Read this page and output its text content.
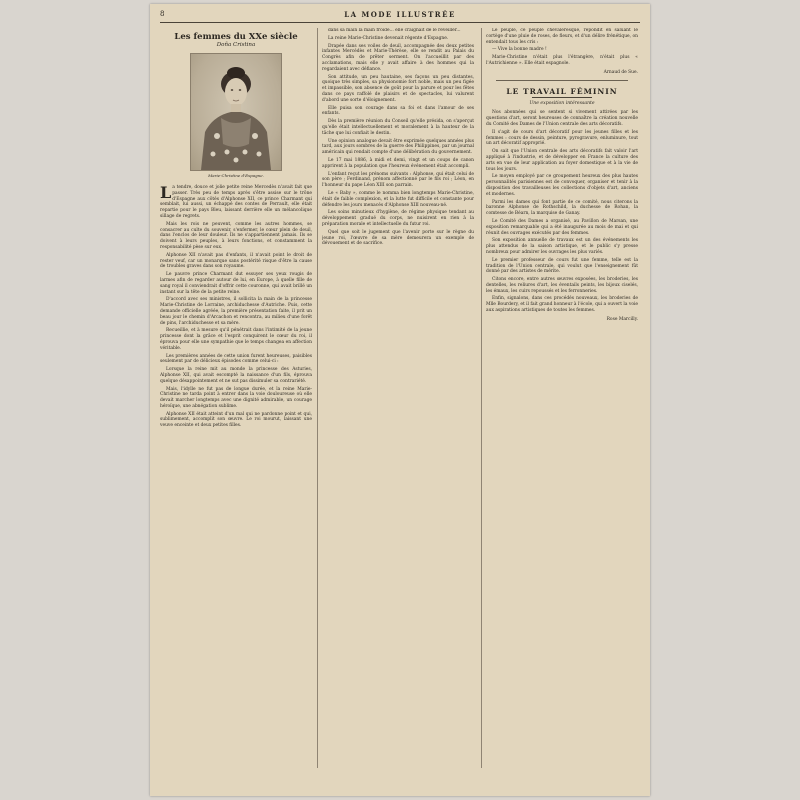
8	LA MODE ILLUSTRÉE
Les femmes du XXe siècle
Doña Cristina
Marie-Christine d'Espagne.
L a tendre, douce et jolie petite reine Mercedès n'avait fait que passer. Très peu de temps après s'être assise sur le trône d'Espagne aux côtés d'Alphonse XII, ce prince Charmant qui semblait, lui aussi, un échappé des contes de Perrault, elle était repartie pour le pays Bleu, laissant derrière elle un mélancolique sillage de regrets.

Mais les rois ne peuvent, comme les autres hommes, se consacrer au culte du souvenir, s'enfermer, le cœur plein de deuil, dans l'enclos de leur douleur. Ils ne s'appartiennent jamais. Ils se doivent à leurs peuples, à leurs fonctions, et constamment la responsabilité pèse sur eux.

Alphonse XII n'avait pas d'enfants, il n'avait point le droit de rester veuf, car un monarque sans postérité risque d'être la cause de troubles graves dans son royaume.

Le pauvre prince Charmant dut essuyer ses yeux rougis de larmes afin de regarder autour de lui, en Europe, à quelle fille de sang royal il conviendrait d'offrir cette couronne, qui avait brillé un instant sur la tête de la petite reine.

D'accord avec ses ministres, il sollicita la main de la princesse Marie-Christine de Lorraine, archiduchesse d'Autriche. Puis, cette demande officielle agréée, la première présentation faite, il prit un beau jour le chemin d'Arcachon et rencontra, au milieu d'une forêt de pins, l'archiduchesse et sa mère.

Recueillie, et à mesure qu'il pénétrait dans l'intimité de la jeune princesse dont la grâce et l'esprit conquirent le cœur du roi, il éprouva pour elle une sympathie que le temps changea en affection véritable.

Les premières années de cette union furent heureuses, paisibles seulement par de délicieux épisodes comme celui-ci :

Lorsque la reine mit au monde la princesse des Asturies, Alphonse XII, qui avait escompté la naissance d'un fils, éprouva quelque désappointement et ne sut pas dissimuler sa contrariété.

Mais, l'idylle ne fut pas de longue durée, et la reine Marie-Christine ne tarda point à entrer dans la voie douloureuse où elle devait marcher longtemps avec une dignité admirable, un courage héroïque, une abnégation sublime.

Alphonse XII était atteint d'un mal qui ne pardonne point et qui, sublimement, accomplit son œuvre. Le roi mourut, laissant une veuve enceinte et deux petites filles.

dans sa main la main froide... elle craignait de le réveiller...

La reine Marie-Christine devenait régente d'Espagne.

Drapée dans ses voiles de deuil, accompagnée des deux petites infantes Mercédès et Marie-Thérèse, elle se rendit au Palais du Congrès afin de prêter serment. On l'accueillit par des acclamations, mais elle y avait affaire à des hommes qui la regardaient avec défiance.

Son attitude, un peu hautaine, ses façons un peu distantes, quoique très simples, sa physionomie fort noble, mais un peu figée et impassible, son absence de goût pour la parure et pour les fêtes dans ce pays raffolé de plaisirs et de spectacles, lui valurent d'abord une sorte d'éloignement.

Elle puisa son courage dans sa foi et dans l'amour de ses enfants.

Dès la première réunion du Conseil qu'elle présida, on s'aperçut qu'elle était intellectuellement et moralement à la hauteur de la tâche que lui confiait le destin.

Une opinion analogue devait être exprimée quelques années plus tard, aux jours sombres de la guerre des Philippines, par un journal américain qui rendait compte d'une délibération du gouvernement.

Le 17 mai 1886, à midi et demi, vingt et un coups de canon apprirent à la population que l'heureux événement était accompli.

L'enfant reçut les prénoms suivants : Alphonse, qui était celui de son père ; Ferdinand, prénom affectionné par le fils roi ; Léon, en l'honneur du pape Léon XIII son parrain.

Le « Baby », comme le nomma bien longtemps Marie-Christine, était de faible complexion, et la lutte fut difficile et constante pour défendre les jours menacés d'Alphonse XIII nouveau-né.

Les soins minutieux d'hygiène, de régime physique tendant au développement gradué du corps, ne nuisirent en rien à la préparation morale et intellectuelle du futur roi.

Quel que soit le jugement que l'avenir porte sur le règne du jeune roi, l'œuvre de sa mère demeurera un exemple de dévouement et de sacrifice.

Le peuple, ce peuple chevaleresque, répondit en saluant le cortège d'une pluie de roses, de fleurs, et d'un délire frénétique, on entendait tous les cris :

— Vive la bonne madre !

Marie-Christine n'était plus l'étrangère, n'était plus « l'Autrichienne ». Elle était espagnole.

Arnaud de Sue.
LE TRAVAIL FÉMININ
Une exposition intéressante

Nos abonnées qui se sentent si vivement attirées par les questions d'art, seront heureuses de connaître la création nouvelle du Comité des Dames de l'Union centrale des arts décoratifs.

Il s'agit de cours d'art décoratif pour les jeunes filles et les femmes : cours de dessin, peinture, pyrogravure, enluminure, tout un art décoratif approprié.

On sait que l'Union centrale des arts décoratifs fait valoir l'art appliqué à l'industrie, et de développer en France la culture des arts en vue de leur application au foyer domestique et à la vie de tous les jours.

Le moyen employé par ce groupement heureux des plus hautes personnalités parisiennes est de convoquer, organiser et tenir à la disposition des travailleuses les collections d'objets d'art, anciens et modernes.

Parmi les dames qui font partie de ce comité, nous citerons la baronne Alphonse de Rothschild, la duchesse de Rohan, la comtesse de Béarn, la marquise de Ganay.

Le Comité des Dames a organisé, au Pavillon de Marsan, une exposition remarquable qui a été inaugurée au mois de mai et qui réunit des ouvrages exécutés par des femmes.

Son exposition annuelle de travaux est un des événements les plus attendus de la saison artistique, et le public s'y presse nombreux pour admirer les ouvrages les plus variés.

Le premier professeur de cours fut une femme, telle est la tradition de l'Union centrale, qui voulut que l'enseignement fût donné par des artistes de mérite.

Citons encore, entre autres œuvres exposées, les broderies, les dentelles, les reliures d'art, les éventails peints, les bijoux ciselés, les émaux, les cuirs repoussés et les ferronneries.

Enfin, signalons, dans ces procédés nouveaux, les broderies de Mlle Bourdery, et il fait grand honneur à l'école, qui a ouvert la voie aux aspirations artistiques de toutes les femmes.

Rose Marcilly.
